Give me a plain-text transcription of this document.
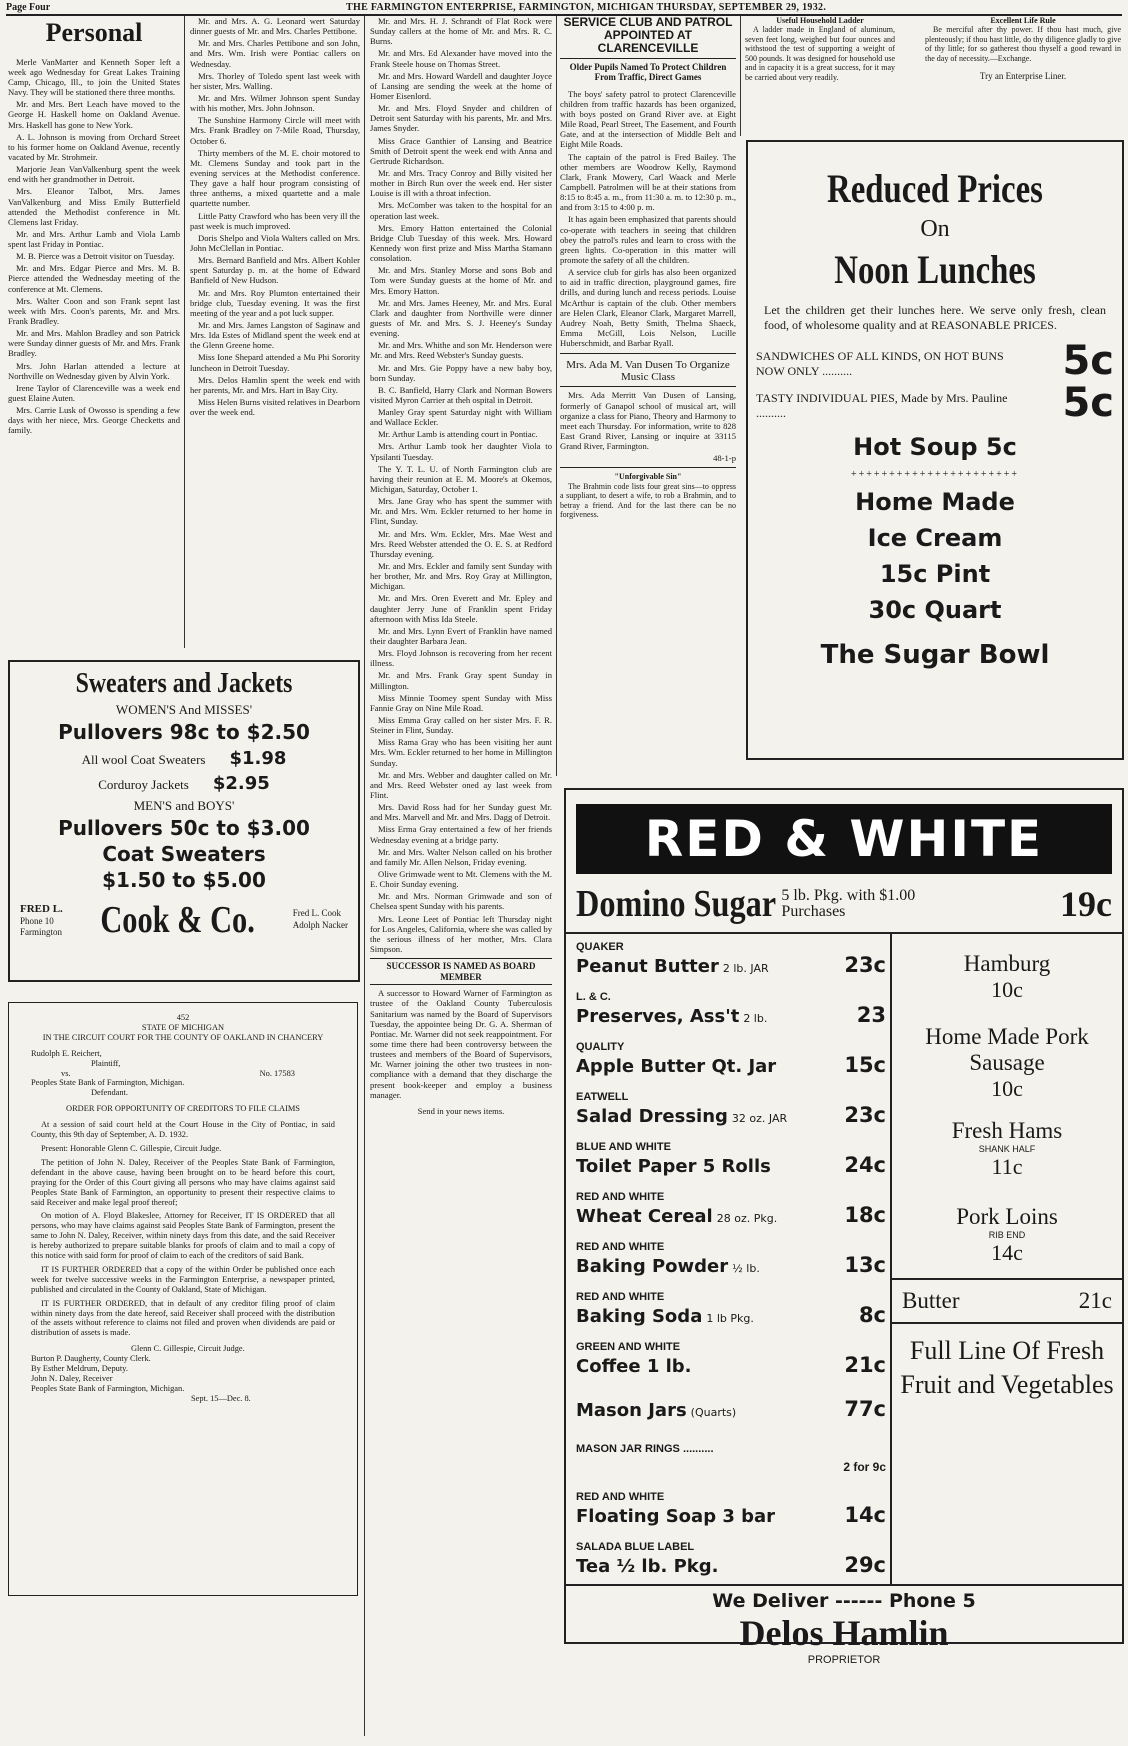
Page Four	THE FARMINGTON ENTERPRISE, FARMINGTON, MICHIGAN THURSDAY, SEPTEMBER 29, 1932.
Personal

Merle VanMarter and Kenneth Soper left a week ago Wednesday for Great Lakes Training Camp, Chicago, Ill., to join the United States Navy. They will be stationed there three months.

Mr. and Mrs. Bert Leach have moved to the George H. Haskell home on Oakland Avenue. Mrs. Haskell has gone to New York.

A. L. Johnson is moving from Orchard Street to his former home on Oakland Avenue, recently vacated by Mr. Strohmeir.

Marjorie Jean VanValkenburg spent the week end with her grandmother in Detroit.

Mrs. Eleanor Talbot, Mrs. James VanValkenburg and Miss Emily Butterfield attended the Methodist conference in Mt. Clemens last Friday.

Mr. and Mrs. Arthur Lamb and Viola Lamb spent last Friday in Pontiac.

M. B. Pierce was a Detroit visitor on Tuesday.

Mr. and Mrs. Edgar Pierce and Mrs. M. B. Pierce attended the Wednesday meeting of the conference at Mt. Clemens.

Mrs. Walter Coon and son Frank sepnt last week with Mrs. Coon's parents, Mr. and Mrs. Frank Bradley.

Mr. and Mrs. Mahlon Bradley and son Patrick were Sunday dinner guests of Mr. and Mrs. Frank Bradley.

Mrs. John Harlan attended a lecture at Northville on Wednesday given by Alvin York.

Irene Taylor of Clarenceville was a week end guest Elaine Auten.

Mrs. Carrie Lusk of Owosso is spending a few days with her niece, Mrs. George Checketts and family.

Mr. and Mrs. A. G. Leonard wert Saturday dinner guests of Mr. and Mrs. Charles Pettibone.

Mr. and Mrs. Charles Pettibone and son John, and Mrs. Wm. Irish were Pontiac callers on Wednesday.

Mrs. Thorley of Toledo spent last week with her sister, Mrs. Walling.

Mr. and Mrs. Wilmer Johnson spent Sunday with his mother, Mrs. John Johnson.

The Sunshine Harmony Circle will meet with Mrs. Frank Bradley on 7-Mile Road, Thursday, October 6.

Thirty members of the M. E. choir motored to Mt. Clemens Sunday and took part in the evening services at the Methodist conference. They gave a half hour program consisting of three anthems, a mixed quartette and a male quartette number.

Little Patty Crawford who has been very ill the past week is much improved.

Doris Shelpo and Viola Walters called on Mrs. John McClellan in Pontiac.

Mrs. Bernard Banfield and Mrs. Albert Kohler spent Saturday p. m. at the home of Edward Banfield of New Hudson.

Mr. and Mrs. Roy Plumton entertained their bridge club, Tuesday evening. It was the first meeting of the year and a pot luck supper.

Mr. and Mrs. James Langston of Saginaw and Mrs. Ida Estes of Midland spent the week end at the Glenn Greene home.

Miss Ione Shepard attended a Mu Phi Sorority luncheon in Detroit Tuesday.

Mrs. Delos Hamlin spent the week end with her parents, Mr. and Mrs. Hart in Bay City.

Miss Helen Burns visited relatives in Dearborn over the week end.

Mr. and Mrs. H. J. Schrandt of Flat Rock were Sunday callers at the home of Mr. and Mrs. R. C. Burns.

Mr. and Mrs. Ed Alexander have moved into the Frank Steele house on Thomas Street.

Mr. and Mrs. Howard Wardell and daughter Joyce of Lansing are sending the week at the home of Homer Eisenlord.

Mr. and Mrs. Floyd Snyder and children of Detroit sent Saturday with his parents, Mr. and Mrs. James Snyder.

Miss Grace Ganthier of Lansing and Beatrice Smith of Detroit spent the week end with Anna and Gertrude Richardson.

Mr. and Mrs. Tracy Conroy and Billy visited her mother in Birch Run over the week end. Her sister Louise is ill with a throat infection.

Mrs. McComber was taken to the hospital for an operation last week.

Mrs. Emory Hatton entertained the Colonial Bridge Club Tuesday of this week. Mrs. Howard Kennedy won first prize and Miss Martha Stamann consolation.

Mr. and Mrs. Stanley Morse and sons Bob and Tom were Sunday guests at the home of Mr. and Mrs. Emory Hatton.

Mr. and Mrs. James Heeney, Mr. and Mrs. Eural Clark and daughter from Northville were dinner guests of Mr. and Mrs. S. J. Heeney's Sunday evening.

Mr. and Mrs. Whithe and son Mr. Henderson were Mr. and Mrs. Reed Webster's Sunday guests.

Mr. and Mrs. Gie Poppy have a new baby boy, born Sunday.

B. C. Banfield, Harry Clark and Norman Bowers visited Myron Carrier at theh ospital in Detroit.

Manley Gray spent Saturday night with William and Wallace Eckler.

Mr. Arthur Lamb is attending court in Pontiac.

Mrs. Arthur Lamb took her daughter Viola to Ypsilanti Tuesday.

The Y. T. L. U. of North Farmington club are having their reunion at E. M. Moore's at Okemos, Michigan, Saturday, October 1.

Mrs. Jane Gray who has spent the summer with Mr. and Mrs. Wm. Eckler returned to her home in Flint, Sunday.

Mr. and Mrs. Wm. Eckler, Mrs. Mae West and Mrs. Reed Webster attended the O. E. S. at Redford Thursday evening.

Mr. and Mrs. Eckler and family sent Sunday with her brother, Mr. and Mrs. Roy Gray at Millington, Michigan.

Mr. and Mrs. Oren Everett and Mr. Epley and daughter Jerry June of Franklin spent Friday afternoon with Miss Ida Steele.

Mr. and Mrs. Lynn Evert of Franklin have named their daughter Barbara Jean.

Mrs. Floyd Johnson is recovering from her recent illness.

Mr. and Mrs. Frank Gray spent Sunday in Millington.

Miss Minnie Toomey spent Sunday with Miss Fannie Gray on Nine Mile Road.

Miss Emma Gray called on her sister Mrs. F. R. Steiner in Flint, Sunday.

Miss Rama Gray who has been visiting her aunt Mrs. Wm. Eckler returned to her home in Millington Sunday.

Mr. and Mrs. Webber and daughter called on Mr. and Mrs. Reed Webster oned ay last week from Flint.

Mrs. David Ross had for her Sunday guest Mr. and Mrs. Marvell and Mr. and Mrs. Dagg of Detroit.

Miss Erma Gray entertained a few of her friends Wednesday evening at a bridge party.

Mr. and Mrs. Walter Nelson called on his brother and family Mr. Allen Nelson, Friday evening.

Olive Grimwade went to Mt. Clemens with the M. E. Choir Sunday evening.

Mr. and Mrs. Norman Grimwade and son of Chelsea spent Sunday with his parents.

Mrs. Leone Leet of Pontiac left Thursday night for Los Angeles, California, where she was called by the serious illness of her mother, Mrs. Clara Simpson.

SUCCESSOR IS NAMED AS BOARD MEMBER

A successor to Howard Warner of Farmington as trustee of the Oakland County Tuberculosis Sanitarium was named by the Board of Supervisors Tuesday, the appointee being Dr. G. A. Sherman of Pontiac. Mr. Warner did not seek reappointment. For some time there had been controversy between the trustees and members of the Board of Supervisors, Mr. Warner joining the other two trustees in non-compliance with a demand that they discharge the present book-keeper and employ a business manager.

Send in your news items.
SERVICE CLUB AND PATROL APPOINTED AT CLARENCEVILLE
Older Pupils Named To Protect Children From Traffic, Direct Games

The boys' safety patrol to protect Clarenceville children from traffic hazards has been organized, with boys posted on Grand River ave. at Eight Mile Road, Pearl Street, The Easement, and Fourth Gate, and at the intersection of Middle Belt and Eight Mile Roads.

The captain of the patrol is Fred Bailey. The other members are Woodrow Kelly, Raymond Clark, Frank Mowery, Carl Waack and Merle Campbell. Patrolmen will be at their stations from 8:15 to 8:45 a. m., from 11:30 a. m. to 12:30 p. m., and from 3:15 to 4:00 p. m.

It has again been emphasized that parents should co-operate with teachers in seeing that children obey the patrol's rules and learn to cross with the green lights. Co-operation in this matter will promote the safety of all the children.

A service club for girls has also been organized to aid in traffic direction, playground games, fire drills, and during lunch and recess periods. Louise McArthur is captain of the club. Other members are Helen Clark, Eleanor Clark, Margaret Marrell, Audrey Noah, Betty Smith, Thelma Shaeck, Emma McGill, Lois Nelson, Lucille Huberschmidt, and Barbar Ryall.

Mrs. Ada M. Van Dusen To Organize Music Class

Mrs. Ada Merritt Van Dusen of Lansing, formerly of Ganapol school of musical art, will organize a class for Piano, Theory and Harmony to meet each Thursday. For information, write to 828 East Grand River, Lansing or inquire at 33115 Grand River, Farmington.

48-1-p
"Unforgivable Sin"

The Brahmin code lists four great sins—to oppress a suppliant, to desert a wife, to rob a Brahmin, and to betray a friend. And for the last there can be no forgiveness.

Useful Household Ladder

A ladder made in England of aluminum, seven feet long, weighed but four ounces and withstood the test of supporting a weight of 500 pounds. It was designed for household use and in capacity it is a great success, for it may be carried about very readily.

Excellent Life Rule

Be merciful after thy power. If thou hast much, give plenteously; if thou hast little, do thy diligence gladly to give of thy little; for so gatherest thou thyself a good reward in the day of necessity.—Exchange.

Try an Enterprise Liner.
Reduced Prices
On
Noon Lunches
Let the children get their lunches here. We serve only fresh, clean food, of wholesome quality and at REASONABLE PRICES.
SANDWICHES OF ALL KINDS, ON HOT BUNS NOW ONLY ..........	5c
TASTY INDIVIDUAL PIES, Made by Mrs. Pauline ..........	5c
Hot Soup 5c
++++++++++++++++++++++
Home Made
Ice Cream
15c Pint
30c Quart
The Sugar Bowl
Sweaters and Jackets
WOMEN'S And MISSES'
Pullovers 98c to $2.50
All wool Coat Sweaters $1.98
Corduroy Jackets $2.95
MEN'S and BOYS'
Pullovers 50c to $3.00
Coat Sweaters
$1.50 to $5.00
FRED L.
Phone 10
Farmington Cook & Co.	Fred L. Cook
Adolph Nacker
452
STATE OF MICHIGAN
IN THE CIRCUIT COURT FOR THE COUNTY OF OAKLAND IN CHANCERY
Rudolph E. Reichert,
Plaintiff,
vs.	No. 17583
Peoples State Bank of Farmington, Michigan.
Defendant.
ORDER FOR OPPORTUNITY OF CREDITORS TO FILE CLAIMS

At a session of said court held at the Court House in the City of Pontiac, in said County, this 9th day of September, A. D. 1932.

Present: Honorable Glenn C. Gillespie, Circuit Judge.

The petition of John N. Daley, Receiver of the Peoples State Bank of Farmington, defendant in the above cause, having been brought on to be heard before this court, praying for the Order of this Court giving all persons who may have claims against said Peoples State Bank of Farmington, an opportunity to present their respective claims to said Receiver and make legal proof thereof;

On motion of A. Floyd Blakeslee, Attorney for Receiver, IT IS ORDERED that all persons, who may have claims against said Peoples State Bank of Farmington, present the same to John N. Daley, Receiver, within ninety days from this date, and the said Receiver is hereby authorized to prepare suitable blanks for proofs of claim and to mail a copy of this notice with said form for proof of claim to each of the creditors of said Bank.

IT IS FURTHER ORDERED that a copy of the within Order be published once each week for twelve successive weeks in the Farmington Enterprise, a newspaper printed, published and circulated in the County of Oakland, State of Michigan.

IT IS FURTHER ORDERED, that in default of any creditor filing proof of claim within ninety days from the date hereof, said Receiver shall proceed with the distribution of the assets without reference to claims not filed and proven when dividends are paid or distribution of assets is made.

Glenn C. Gillespie, Circuit Judge.
Burton P. Daugherty, County Clerk.
By Esther Meldrum, Deputy.
John N. Daley, Receiver
Peoples State Bank of Farmington, Michigan.
Sept. 15—Dec. 8.
RED & WHITE
Domino Sugar 5 lb. Pkg. with $1.00 Purchases	19c
QUAKER
Peanut Butter 2 lb. JAR	23c
L. & C.
Preserves, Ass't 2 lb.	23
QUALITY
Apple Butter Qt. Jar	15c
EATWELL
Salad Dressing 32 oz. JAR	23c
BLUE AND WHITE
Toilet Paper 5 Rolls	24c
RED AND WHITE
Wheat Cereal 28 oz. Pkg.	18c
RED AND WHITE
Baking Powder ½ lb.	13c
RED AND WHITE
Baking Soda 1 lb Pkg.	8c
GREEN AND WHITE
Coffee 1 lb.	21c
Mason Jars (Quarts)	77c
MASON JAR RINGS ..........
2 for 9c
RED AND WHITE
Floating Soap 3 bar	14c
SALADA BLUE LABEL
Tea ½ lb. Pkg.	29c
Hamburg
10c
Home Made Pork Sausage
10c
Fresh Hams
SHANK HALF
11c
Pork Loins
RIB END
14c
Butter	21c
Full Line Of Fresh Fruit and Vegetables
We Deliver ------ Phone 5
Delos Hamlin
PROPRIETOR
